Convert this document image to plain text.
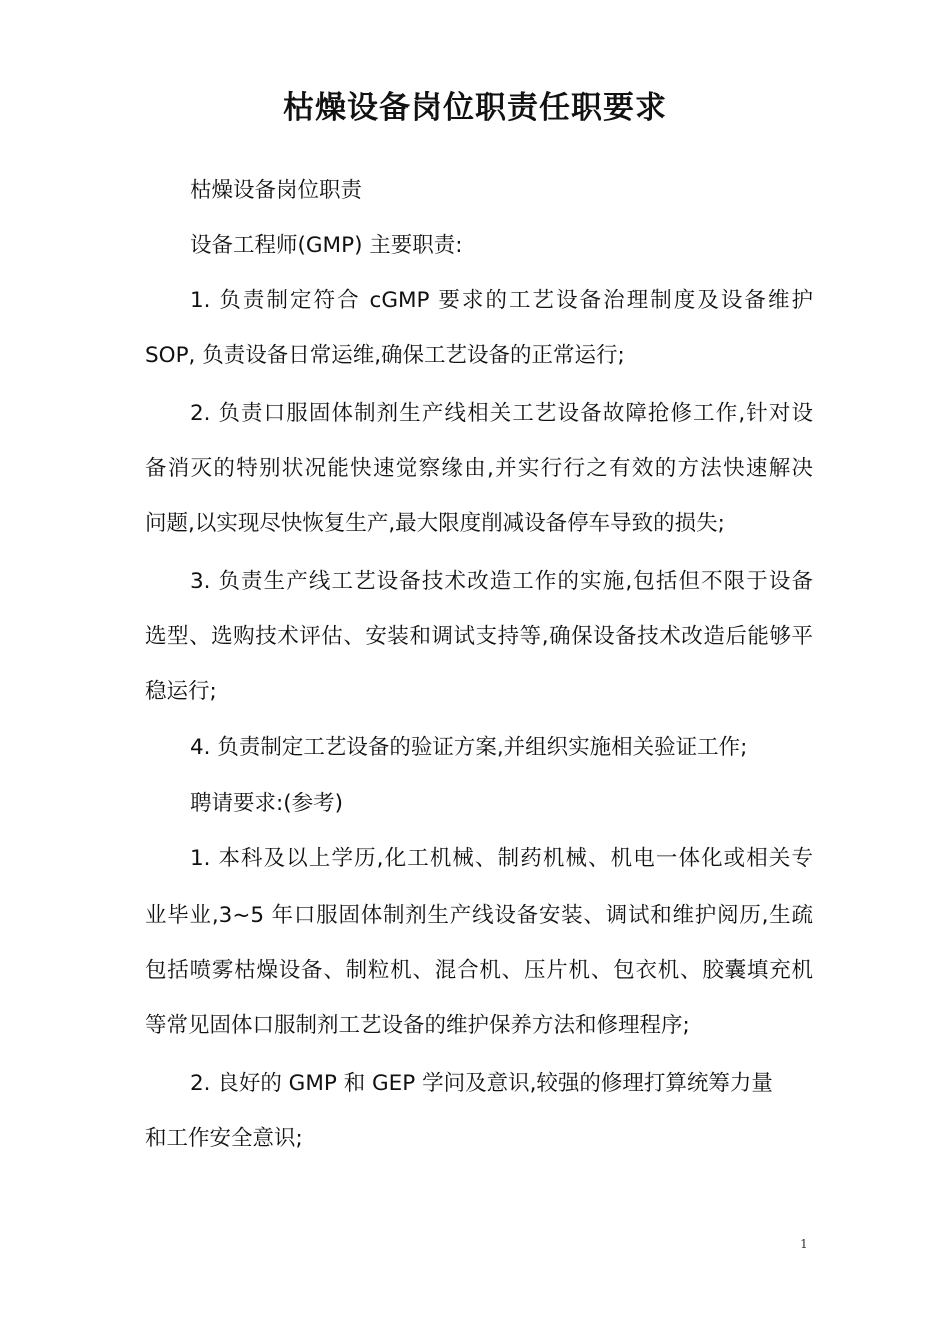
枯燥设备岗位职责任职要求

枯燥设备岗位职责

设备工程师(GMP) 主要职责:

1. 负责制定符合 cGMP 要求的工艺设备治理制度及设备维护

SOP, 负责设备日常运维,确保工艺设备的正常运行;

2. 负责口服固体制剂生产线相关工艺设备故障抢修工作,针对设

备消灭的特别状况能快速觉察缘由,并实行行之有效的方法快速解决

问题,以实现尽快恢复生产,最大限度削减设备停车导致的损失;

3. 负责生产线工艺设备技术改造工作的实施,包括但不限于设备

选型、选购技术评估、安装和调试支持等,确保设备技术改造后能够平

稳运行;

4. 负责制定工艺设备的验证方案,并组织实施相关验证工作;

聘请要求:(参考)

1. 本科及以上学历,化工机械、制药机械、机电一体化或相关专

业毕业,3~5 年口服固体制剂生产线设备安装、调试和维护阅历,生疏

包括喷雾枯燥设备、制粒机、混合机、压片机、包衣机、胶囊填充机

等常见固体口服制剂工艺设备的维护保养方法和修理程序;

2. 良好的 GMP 和 GEP 学问及意识,较强的修理打算统筹力量

和工作安全意识;

1
